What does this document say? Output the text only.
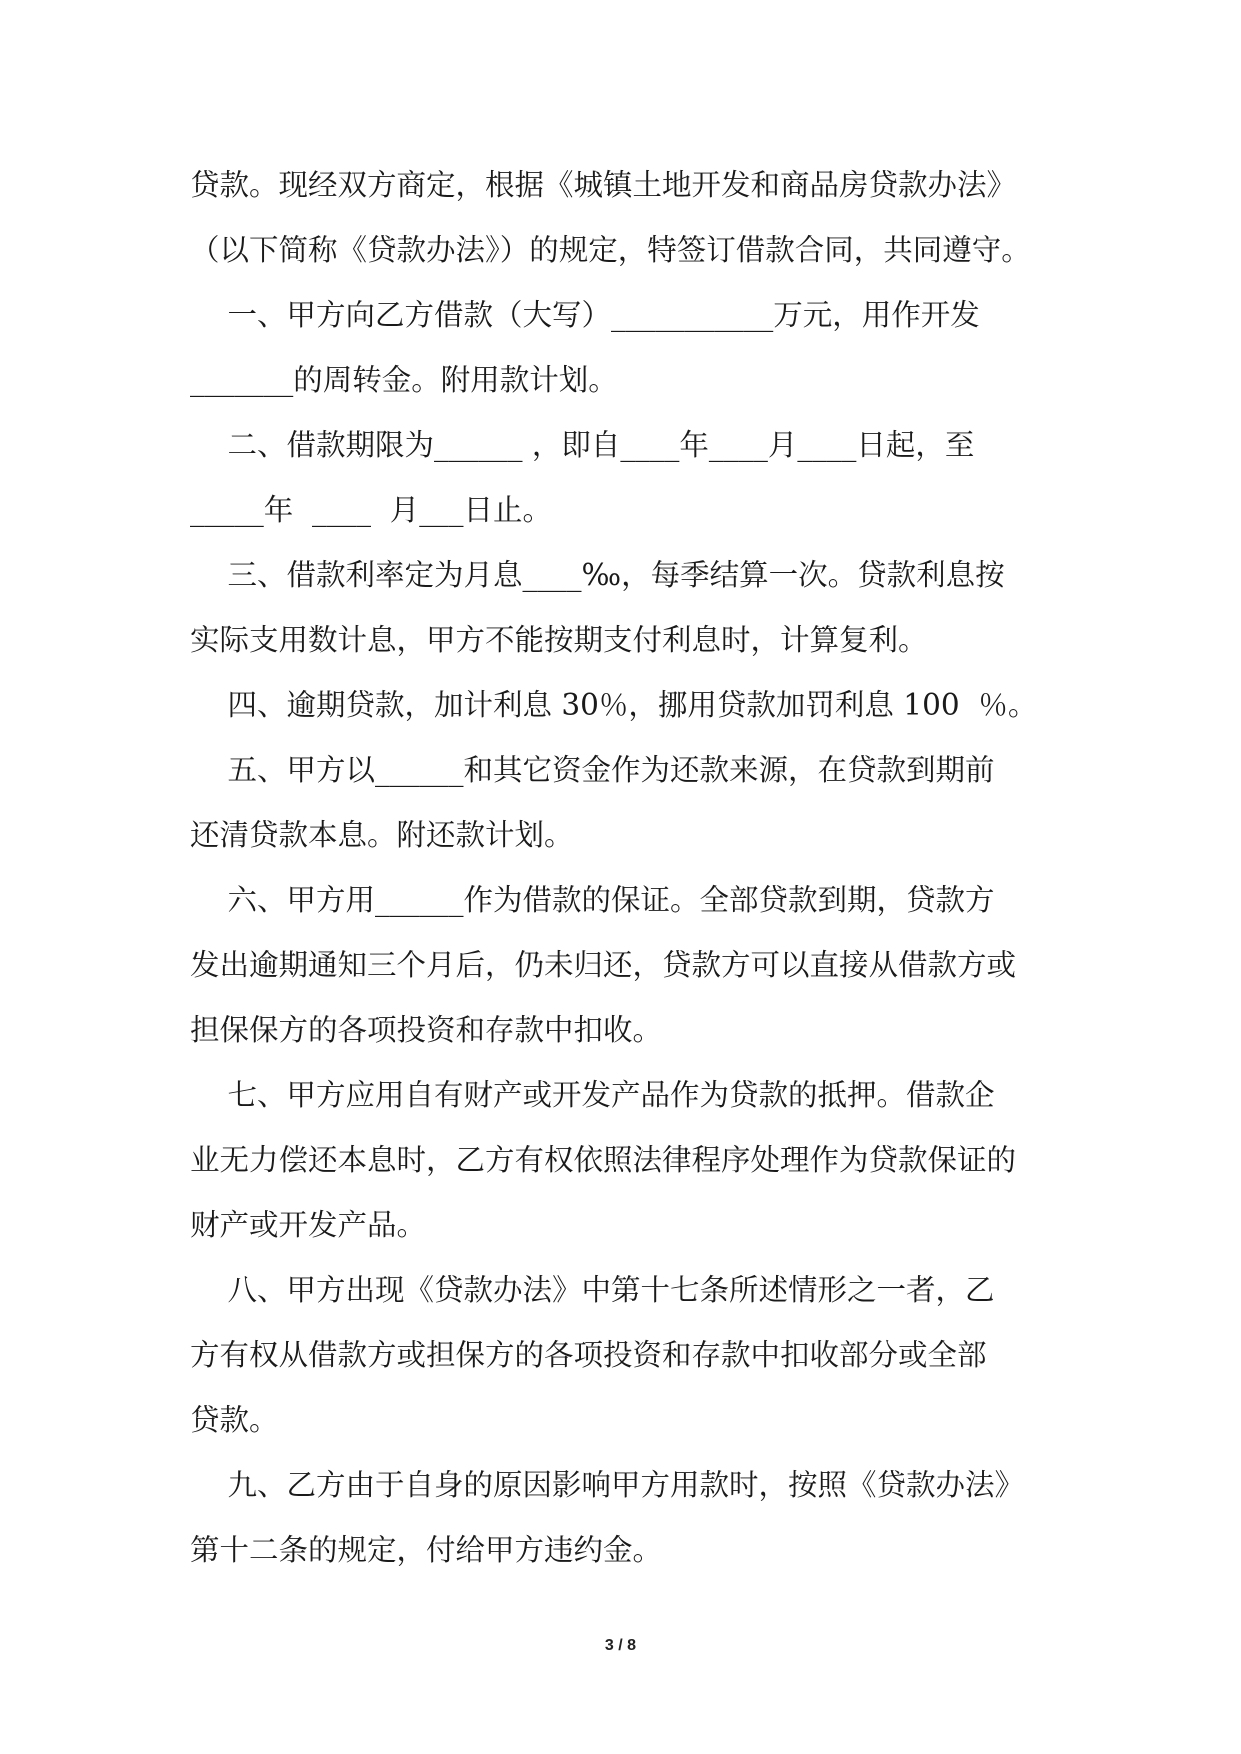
贷款。现经双方商定，根据《城镇土地开发和商品房贷款办法》
（以下简称《贷款办法》）的规定，特签订借款合同，共同遵守。
一、甲方向乙方借款（大写）___________万元，用作开发
_______的周转金。附用款计划。
二、借款期限为______ ，即自____年____月____日起，至
_____年  ____  月___日止。
三、借款利率定为月息____‰，每季结算一次。贷款利息按
实际支用数计息，甲方不能按期支付利息时，计算复利。
四、逾期贷款，加计利息 30％，挪用贷款加罚利息 100  ％。
五、甲方以______和其它资金作为还款来源，在贷款到期前
还清贷款本息。附还款计划。
六、甲方用______作为借款的保证。全部贷款到期，贷款方
发出逾期通知三个月后，仍未归还，贷款方可以直接从借款方或
担保保方的各项投资和存款中扣收。
七、甲方应用自有财产或开发产品作为贷款的抵押。借款企
业无力偿还本息时，乙方有权依照法律程序处理作为贷款保证的
财产或开发产品。
八、甲方出现《贷款办法》中第十七条所述情形之一者，乙
方有权从借款方或担保方的各项投资和存款中扣收部分或全部
贷款。
九、乙方由于自身的原因影响甲方用款时，按照《贷款办法》
第十二条的规定，付给甲方违约金。
3 / 8
